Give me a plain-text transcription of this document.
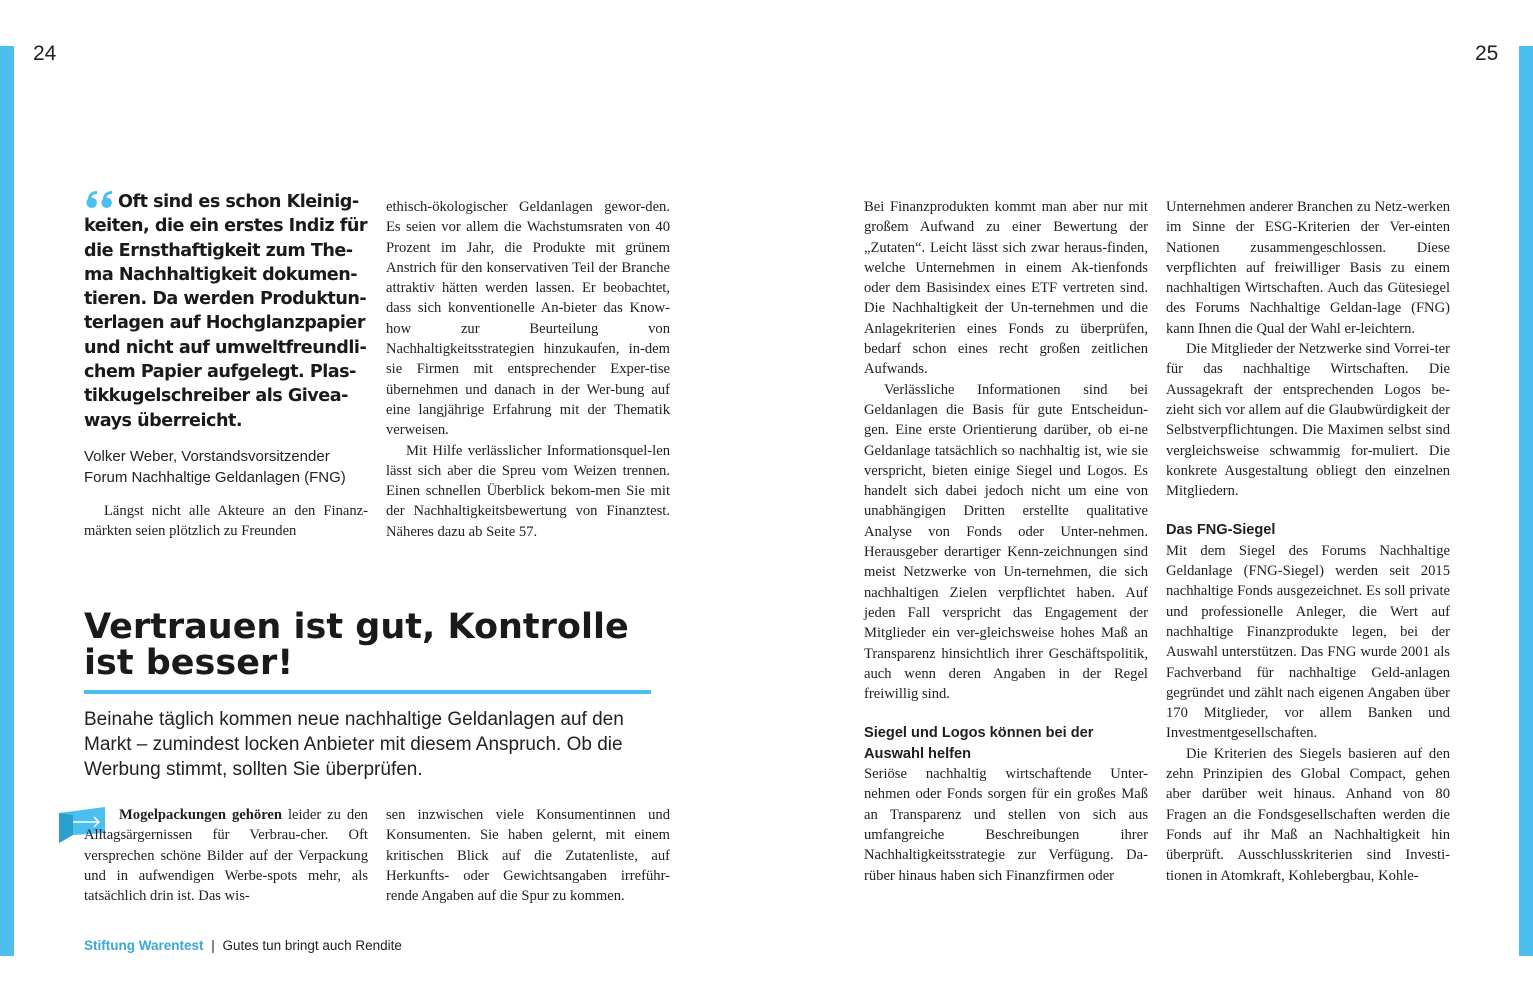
24	25
Oft sind es schon Kleinig-keiten, die ein erstes Indiz für die Ernsthaftigkeit zum The-ma Nachhaltigkeit dokumen-tieren. Da werden Produktun-terlagen auf Hochglanzpapier und nicht auf umweltfreundli-chem Papier aufgelegt. Plas-tikkugelschreiber als Giveа-ways überreicht.
Volker Weber, Vorstandsvorsitzender
Forum Nachhaltige Geldanlagen (FNG)

Längst nicht alle Akteure an den Finanz-märkten seien plötzlich zu Freunden

ethisch-ökologischer Geldanlagen gewor-den. Es seien vor allem die Wachstumsraten von 40 Prozent im Jahr, die Produkte mit grünem Anstrich für den konservativen Teil der Branche attraktiv hätten werden lassen. Er beobachtet, dass sich konventionelle An-bieter das Know-how zur Beurteilung von Nachhaltigkeitsstrategien hinzukaufen, in-dem sie Firmen mit entsprechender Exper-tise übernehmen und danach in der Wer-bung auf eine langjährige Erfahrung mit der Thematik verweisen.

Mit Hilfe verlässlicher Informationsquel-len lässt sich aber die Spreu vom Weizen trennen. Einen schnellen Überblick bekom-men Sie mit der Nachhaltigkeitsbewertung von Finanztest. Näheres dazu ab Seite 57.

Vertrauen ist gut, Kontrolle
ist besser!

Beinahe täglich kommen neue nachhaltige Geldanlagen auf den Markt – zumindest locken Anbieter mit diesem Anspruch. Ob die Werbung stimmt, sollten Sie überprüfen.

Mogelpackungen gehören leider zu den Alltagsärgernissen für Verbrau-cher. Oft versprechen schöne Bilder auf der Verpackung und in aufwendigen Werbe-spots mehr, als tatsächlich drin ist. Das wis-

sen inzwischen viele Konsumentinnen und Konsumenten. Sie haben gelernt, mit einem kritischen Blick auf die Zutatenliste, auf Herkunfts- oder Gewichtsangaben irreführ-rende Angaben auf die Spur zu kommen.

Bei Finanzprodukten kommt man aber nur mit großem Aufwand zu einer Bewertung der „Zutaten“. Leicht lässt sich zwar heraus-finden, welche Unternehmen in einem Ak-tienfonds oder dem Basisindex eines ETF vertreten sind. Die Nachhaltigkeit der Un-ternehmen und die Anlagekriterien eines Fonds zu überprüfen, bedarf schon eines recht großen zeitlichen Aufwands.

Verlässliche Informationen sind bei Geldanlagen die Basis für gute Entscheidun-gen. Eine erste Orientierung darüber, ob ei-ne Geldanlage tatsächlich so nachhaltig ist, wie sie verspricht, bieten einige Siegel und Logos. Es handelt sich dabei jedoch nicht um eine von unabhängigen Dritten erstellte qualitative Analyse von Fonds oder Unter-nehmen. Herausgeber derartiger Kenn-zeichnungen sind meist Netzwerke von Un-ternehmen, die sich nachhaltigen Zielen verpflichtet haben. Auf jeden Fall verspricht das Engagement der Mitglieder ein ver-gleichsweise hohes Maß an Transparenz hinsichtlich ihrer Geschäftspolitik, auch wenn deren Angaben in der Regel freiwillig sind.

Siegel und Logos können bei der Auswahl helfen

Seriöse nachhaltig wirtschaftende Unter-nehmen oder Fonds sorgen für ein großes Maß an Transparenz und stellen von sich aus umfangreiche Beschreibungen ihrer Nachhaltigkeitsstrategie zur Verfügung. Da-rüber hinaus haben sich Finanzfirmen oder

Unternehmen anderer Branchen zu Netz-werken im Sinne der ESG-Kriterien der Ver-einten Nationen zusammengeschlossen. Diese verpflichten auf freiwilliger Basis zu einem nachhaltigen Wirtschaften. Auch das Gütesiegel des Forums Nachhaltige Geldan-lage (FNG) kann Ihnen die Qual der Wahl er-leichtern.

Die Mitglieder der Netzwerke sind Vorrei-ter für das nachhaltige Wirtschaften. Die Aussagekraft der entsprechenden Logos be-zieht sich vor allem auf die Glaubwürdigkeit der Selbstverpflichtungen. Die Maximen selbst sind vergleichsweise schwammig for-muliert. Die konkrete Ausgestaltung obliegt den einzelnen Mitgliedern.

Das FNG-Siegel

Mit dem Siegel des Forums Nachhaltige Geldanlage (FNG-Siegel) werden seit 2015 nachhaltige Fonds ausgezeichnet. Es soll private und professionelle Anleger, die Wert auf nachhaltige Finanzprodukte legen, bei der Auswahl unterstützen. Das FNG wurde 2001 als Fachverband für nachhaltige Geld-anlagen gegründet und zählt nach eigenen Angaben über 170 Mitglieder, vor allem Banken und Investmentgesellschaften.

Die Kriterien des Siegels basieren auf den zehn Prinzipien des Global Compact, gehen aber darüber weit hinaus. Anhand von 80 Fragen an die Fondsgesellschaften werden die Fonds auf ihr Maß an Nachhaltigkeit hin überprüft. Ausschlusskriterien sind Investi-tionen in Atomkraft, Kohlebergbau, Kohle-

Stiftung Warentest | Gutes tun bringt auch Rendite
